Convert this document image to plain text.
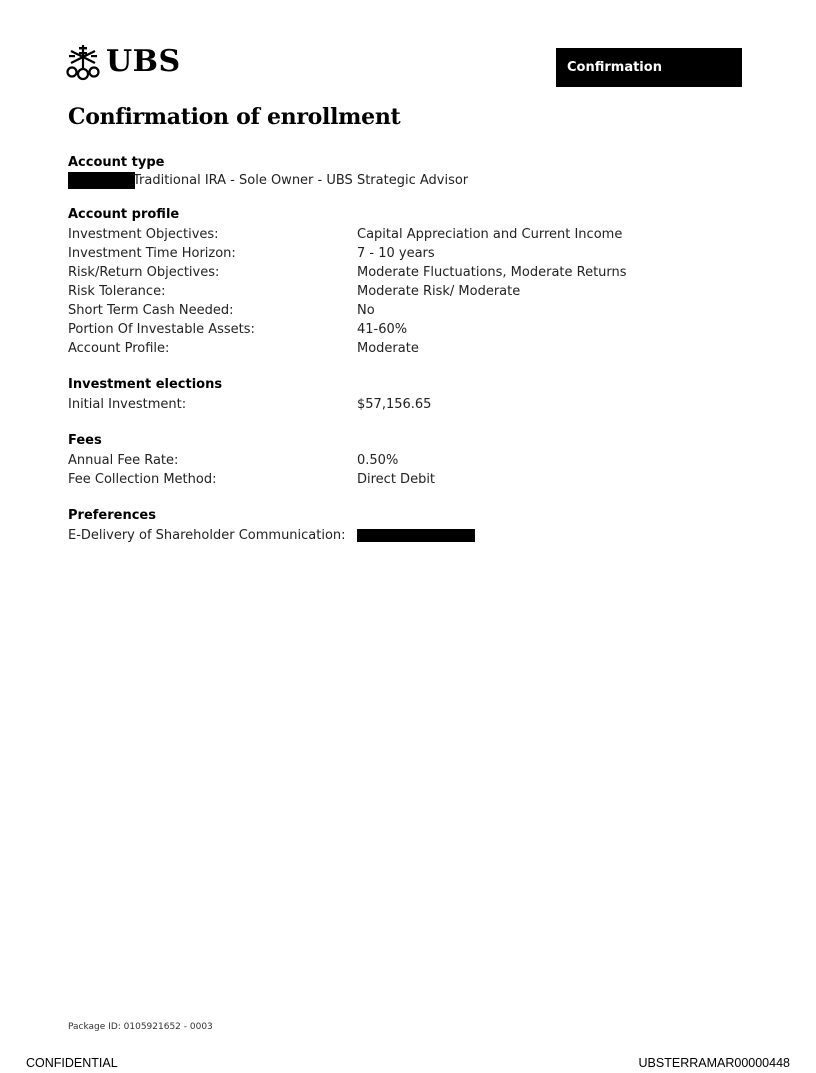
UBS	Confirmation
Confirmation of enrollment
Account type
Traditional IRA - Sole Owner - UBS Strategic Advisor
Account profile
Investment Objectives:	Capital Appreciation and Current Income
Investment Time Horizon:	7 - 10 years
Risk/Return Objectives:	Moderate Fluctuations, Moderate Returns
Risk Tolerance:	Moderate Risk/ Moderate
Short Term Cash Needed:	No
Portion Of Investable Assets:	41-60%
Account Profile:	Moderate
Investment elections
Initial Investment:	$57,156.65
Fees
Annual Fee Rate:	0.50%
Fee Collection Method:	Direct Debit
Preferences
E-Delivery of Shareholder Communication:
Package ID: 0105921652 - 0003
CONFIDENTIAL	UBSTERRAMAR00000448
